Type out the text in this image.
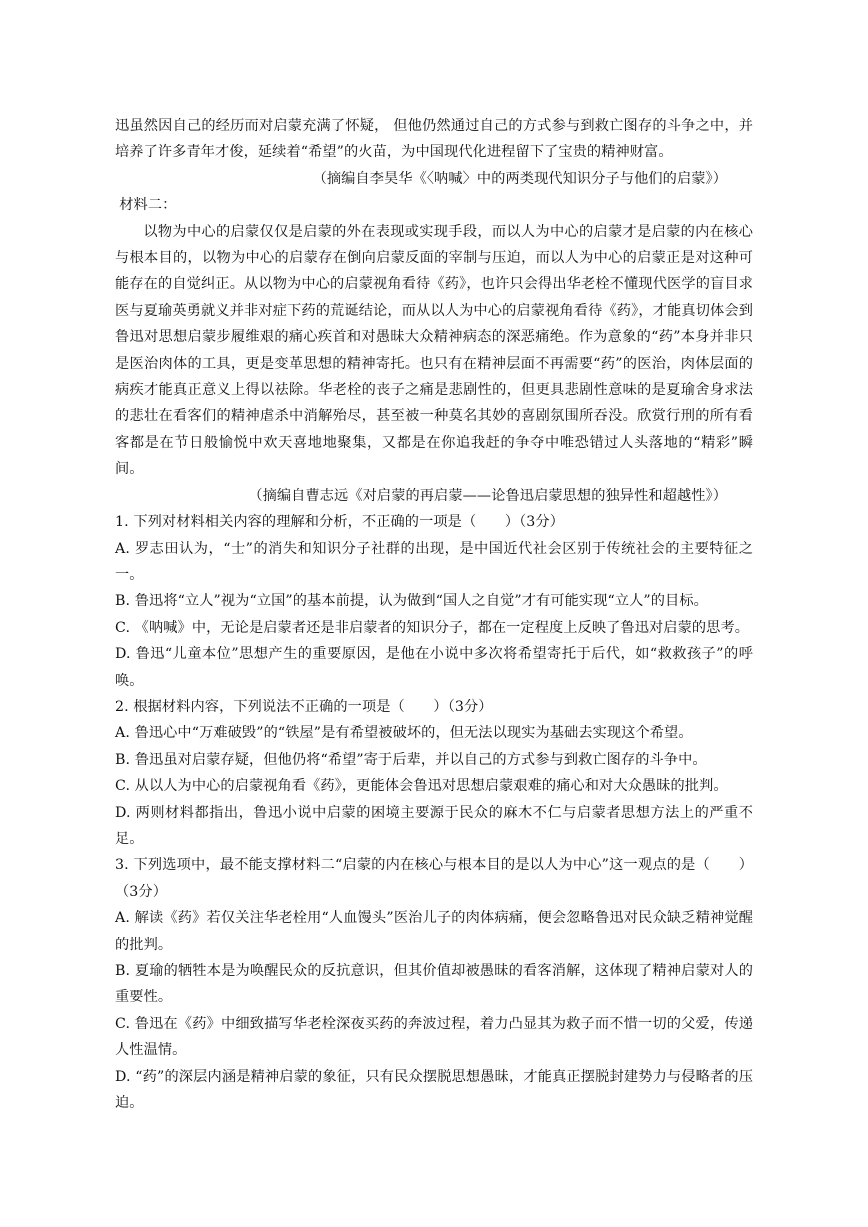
迅虽然因自己的经历而对启蒙充满了怀疑， 但他仍然通过自己的方式参与到救亡图存的斗争之中，并培养了许多青年才俊，延续着“希望”的火苗，为中国现代化进程留下了宝贵的精神财富。

（摘编自李昊华《〈呐喊〉中的两类现代知识分子与他们的启蒙》）

材料二：

以物为中心的启蒙仅仅是启蒙的外在表现或实现手段，而以人为中心的启蒙才是启蒙的内在核心与根本目的，以物为中心的启蒙存在倒向启蒙反面的宰制与压迫，而以人为中心的启蒙正是对这种可能存在的自觉纠正。从以物为中心的启蒙视角看待《药》，也许只会得出华老栓不懂现代医学的盲目求医与夏瑜英勇就义并非对症下药的荒诞结论，而从以人为中心的启蒙视角看待《药》，才能真切体会到鲁迅对思想启蒙步履维艰的痛心疾首和对愚昧大众精神病态的深恶痛绝。作为意象的“药”本身并非只是医治肉体的工具，更是变革思想的精神寄托。也只有在精神层面不再需要“药”的医治，肉体层面的病疾才能真正意义上得以祛除。华老栓的丧子之痛是悲剧性的，但更具悲剧性意味的是夏瑜舍身求法的悲壮在看客们的精神虐杀中消解殆尽，甚至被一种莫名其妙的喜剧氛围所吞没。欣赏行刑的所有看客都是在节日般愉悦中欢天喜地地聚集，又都是在你追我赶的争夺中唯恐错过人头落地的“精彩”瞬间。

（摘编自曹志远《对启蒙的再启蒙——论鲁迅启蒙思想的独异性和超越性》）

1. 下列对材料相关内容的理解和分析，不正确的一项是（　　）（3分）

A. 罗志田认为，“士”的消失和知识分子社群的出现，是中国近代社会区别于传统社会的主要特征之一。

B. 鲁迅将“立人”视为“立国”的基本前提，认为做到“国人之自觉”才有可能实现“立人”的目标。

C. 《呐喊》中，无论是启蒙者还是非启蒙者的知识分子，都在一定程度上反映了鲁迅对启蒙的思考。

D. 鲁迅“儿童本位”思想产生的重要原因，是他在小说中多次将希望寄托于后代，如“救救孩子”的呼唤。

2. 根据材料内容，下列说法不正确的一项是（　　）（3分）

A. 鲁迅心中“万难破毁”的“铁屋”是有希望被破坏的，但无法以现实为基础去实现这个希望。

B. 鲁迅虽对启蒙存疑，但他仍将“希望”寄于后辈，并以自己的方式参与到救亡图存的斗争中。

C. 从以人为中心的启蒙视角看《药》，更能体会鲁迅对思想启蒙艰难的痛心和对大众愚昧的批判。

D. 两则材料都指出，鲁迅小说中启蒙的困境主要源于民众的麻木不仁与启蒙者思想方法上的严重不足。

3. 下列选项中，最不能支撑材料二“启蒙的内在核心与根本目的是以人为中心”这一观点的是（　　）（3分）

A. 解读《药》若仅关注华老栓用“人血馒头”医治儿子的肉体病痛，便会忽略鲁迅对民众缺乏精神觉醒的批判。

B. 夏瑜的牺牲本是为唤醒民众的反抗意识，但其价值却被愚昧的看客消解，这体现了精神启蒙对人的重要性。

C. 鲁迅在《药》中细致描写华老栓深夜买药的奔波过程，着力凸显其为救子而不惜一切的父爱，传递人性温情。

D. “药”的深层内涵是精神启蒙的象征，只有民众摆脱思想愚昧，才能真正摆脱封建势力与侵略者的压迫。
